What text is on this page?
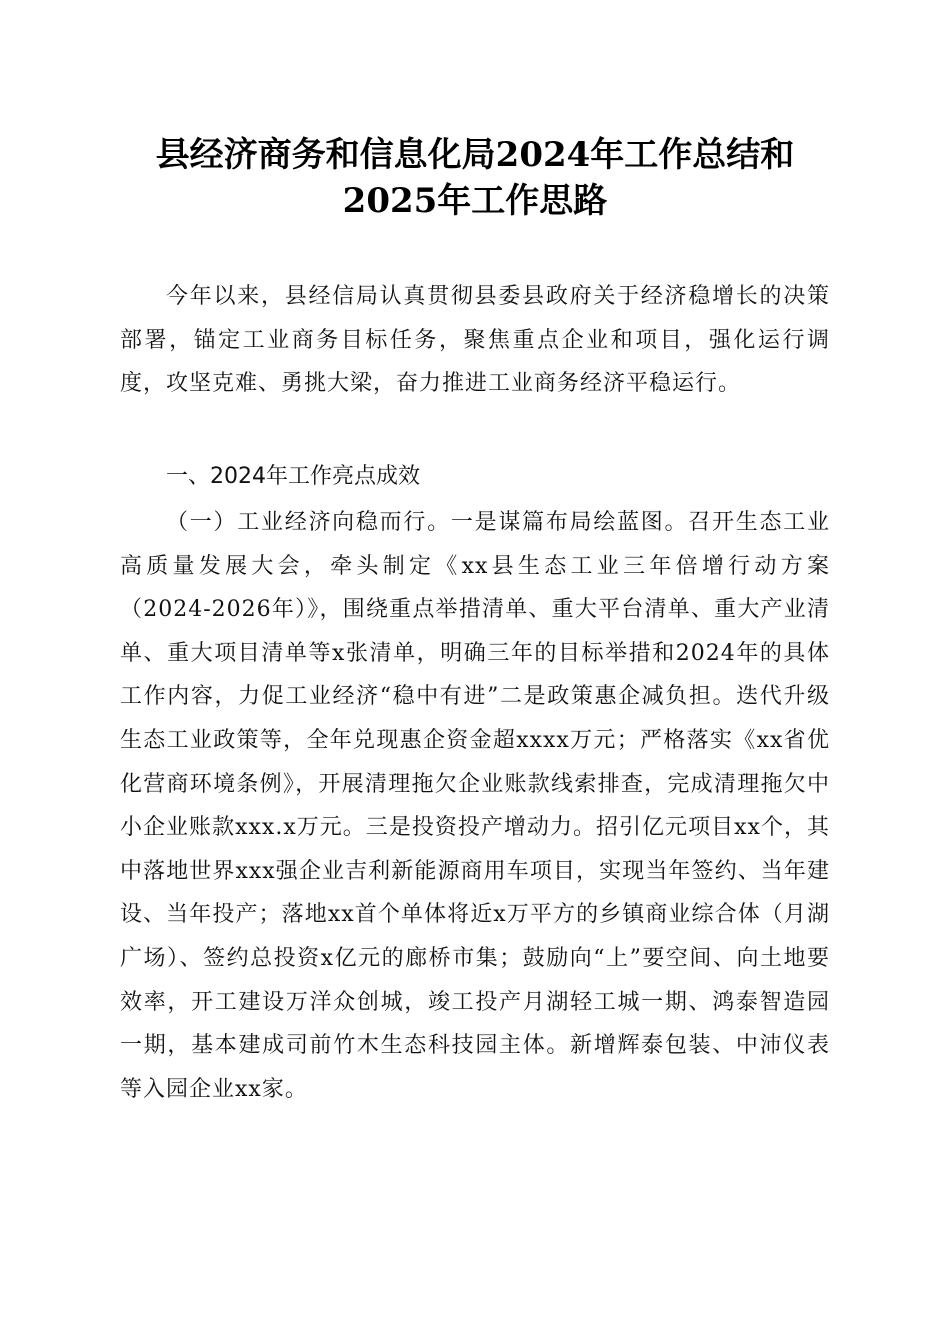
县经济商务和信息化局2024年工作总结和
2025年工作思路
今年以来，县经信局认真贯彻县委县政府关于经济稳增长的决策部署，锚定工业商务目标任务，聚焦重点企业和项目，强化运行调度，攻坚克难、勇挑大梁，奋力推进工业商务经济平稳运行。
一、2024年工作亮点成效
（一）工业经济向稳而行。一是谋篇布局绘蓝图。召开生态工业高质量发展大会，牵头制定《xx县生态工业三年倍增行动方案（2024-2026年）》，围绕重点举措清单、重大平台清单、重大产业清单、重大项目清单等x张清单，明确三年的目标举措和2024年的具体工作内容，力促工业经济“稳中有进”二是政策惠企减负担。迭代升级生态工业政策等，全年兑现惠企资金超xxxx万元；严格落实《xx省优化营商环境条例》，开展清理拖欠企业账款线索排查，完成清理拖欠中小企业账款xxx.x万元。三是投资投产增动力。招引亿元项目xx个，其中落地世界xxx强企业吉利新能源商用车项目，实现当年签约、当年建设、当年投产；落地xx首个单体将近x万平方的乡镇商业综合体（月湖广场）、签约总投资x亿元的廊桥市集；鼓励向“上”要空间、向土地要效率，开工建设万洋众创城，竣工投产月湖轻工城一期、鸿泰智造园一期，基本建成司前竹木生态科技园主体。新增辉泰包装、中沛仪表等入园企业xx家。
